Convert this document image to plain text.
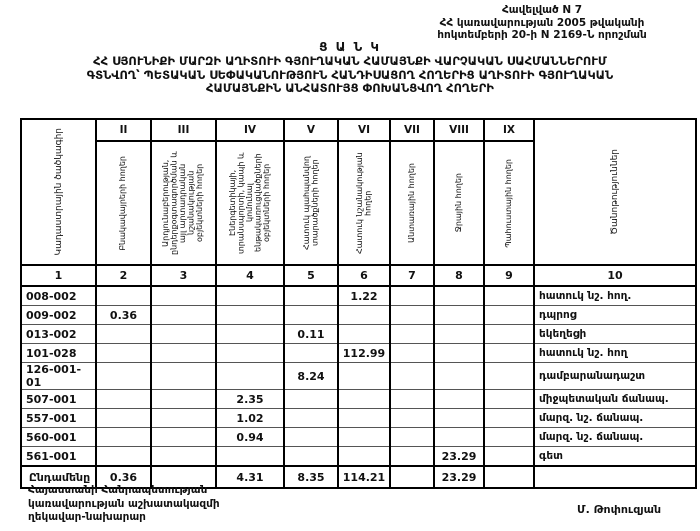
Հավելված N 7
ՀՀ կառավարության 2005 թվականի
հոկտեմբերի 20-ի N 2169-Ն որոշման
Ց Ա Ն Կ
ՀՀ ՍՅՈՒՆԻՔԻ ՄԱՐԶԻ ԱՂԻՏՈՒԻ ԳՅՈՒՂԱԿԱՆ ՀԱՄԱՅՆՔԻ ՎԱՐՉԱԿԱՆ ՍԱՀՄԱՆՆԵՐՈՒՄ
ԳՏՆՎՈՂ՝ ՊԵՏԱԿԱՆ ՍԵՓԱԿԱՆՈՒԹՅՈՒՆ ՀԱՆԴԻՍԱՑՈՂ ՀՈՂԵՐԻՑ ԱՂԻՏՈՒԻ ԳՅՈՒՂԱԿԱՆ
ՀԱՄԱՅՆՔԻՆ ԱՆՀԱՏՈՒՅՑ ՓՈԽԱՆՑՎՈՂ ՀՈՂԵՐԻ
Կադաստրային ծածկագիր	II	III	IV	V	VI	VII	VIII	IX	Ծանոթություններ

	Բնակավայրերի հողեր	Արդյունաբերության, ընդերքօգտագործման և այլ արտադրական նշանակության օբյեկտների հողեր	Էներգետիկայի, տրանսպորտի, կապի և կոմունալ ենթակառուցվածքների օբյեկտների հողեր	Հատուկ պահպանվող տարածքների հողեր	Հատուկ նշանակության հողեր	Անտառային հողեր	Ջրային հողեր	Պահուստային հողեր	

1	2	3	4	5	6	7	8	9	10
008-002					1.22				հատուկ նշ. հող.
009-002	0.36								դպրոց
013-002				0.11					եկեղեցի
101-028					112.99				հատուկ նշ. հող
126-001-01				8.24					դամբարանադաշտ
507-001			2.35						միջպետական ճանապ.
557-001			1.02						մարզ. նշ. ճանապ.
560-001			0.94						մարզ. նշ. ճանապ.
561-001							23.29		գետ
Ընդամենը	0.36		4.31	8.35	114.21		23.29		
Հայաստանի Հանրապետության
կառավարության աշխատակազմի
ղեկավար-նախարար
Մ. Թոփուզյան
